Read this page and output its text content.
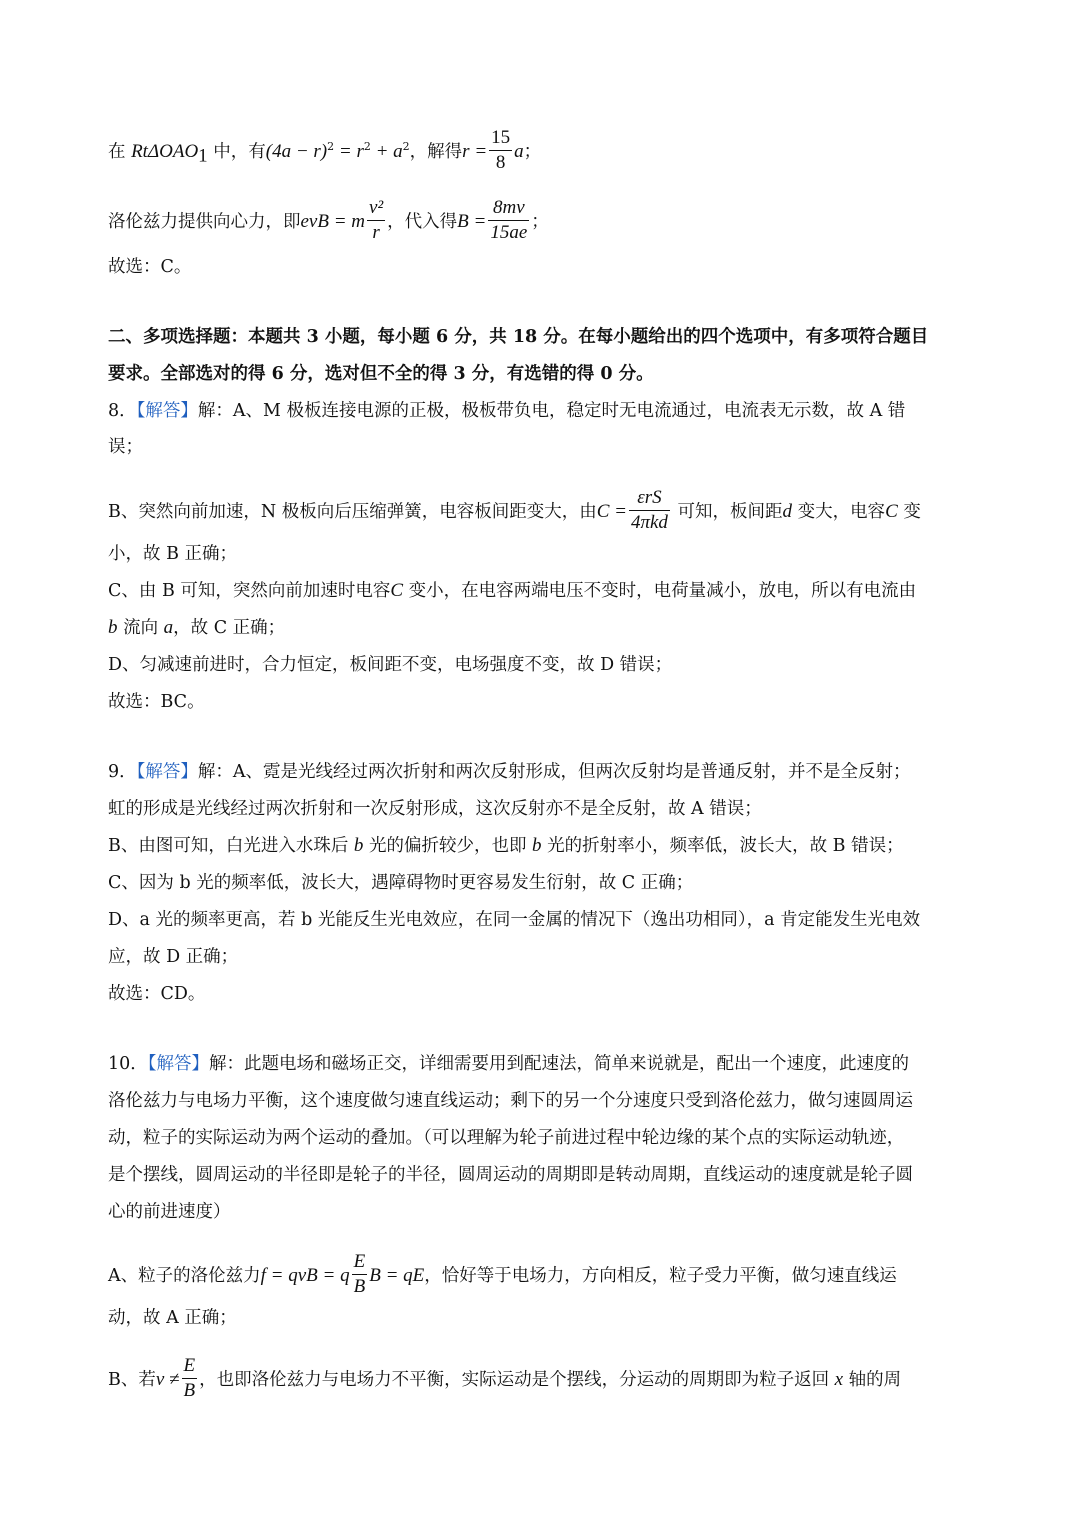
在 RtΔOAO$_1$ 中，有$(4a - r)^2 = r^2 + a^2$，解得$r = \frac{15}{8}$ a；
洛伦兹力提供向心力，即evB = m $\frac{\text{v²}}{r}$ ，代入得$B = \frac{8mv}{15ae}$ ；
故选：C。
二、多项选择题：本题共 3 小题，每小题 6 分，共 18 分。在每小题给出的四个选项中，有多项符合题目
要求。全部选对的得 6 分，选对但不全的得 3 分，有选错的得 0 分。
8．【解答】解：A、M 极板连接电源的正极，极板带负电，稳定时无电流通过，电流表无示数，故 A 错
误；
B、突然向前加速，N 极板向后压缩弹簧，电容板间距变大，由$C = \frac{\text{εrS}}{\text{4πkd}}$ 可知，板间距d 变大，电容C 变
小，故 B 正确；
C、由 B 可知，突然向前加速时电容C 变小，在电容两端电压不变时，电荷量减小，放电，所以有电流由
b 流向 a，故 C 正确；
D、匀减速前进时，合力恒定，板间距不变，电场强度不变，故 D 错误；
故选：BC。
9．【解答】解：A、霓是光线经过两次折射和两次反射形成，但两次反射均是普通反射，并不是全反射；
虹的形成是光线经过两次折射和一次反射形成，这次反射亦不是全反射，故 A 错误；
B、由图可知，白光进入水珠后 b 光的偏折较少，也即 b 光的折射率小，频率低，波长大，故 B 错误；
C、因为 b 光的频率低，波长大，遇障碍物时更容易发生衍射，故 C 正确；
D、a 光的频率更高，若 b 光能反生光电效应，在同一金属的情况下（逸出功相同），a 肯定能发生光电效
应，故 D 正确；
故选：CD。
10．【解答】解：此题电场和磁场正交，详细需要用到配速法，简单来说就是，配出一个速度，此速度的
洛伦兹力与电场力平衡，这个速度做匀速直线运动；剩下的另一个分速度只受到洛伦兹力，做匀速圆周运
动，粒子的实际运动为两个运动的叠加。（可以理解为轮子前进过程中轮边缘的某个点的实际运动轨迹，
是个摆线，圆周运动的半径即是轮子的半径，圆周运动的周期即是转动周期，直线运动的速度就是轮子圆
心的前进速度）
A、粒子的洛伦兹力f = qvB = q $\frac{E}{B}$ B = qE，恰好等于电场力，方向相反，粒子受力平衡，做匀速直线运
动，故 A 正确；
B、若$v \ne \frac{E}{B}$ ，也即洛伦兹力与电场力不平衡，实际运动是个摆线，分运动的周期即为粒子返回 x 轴的周
